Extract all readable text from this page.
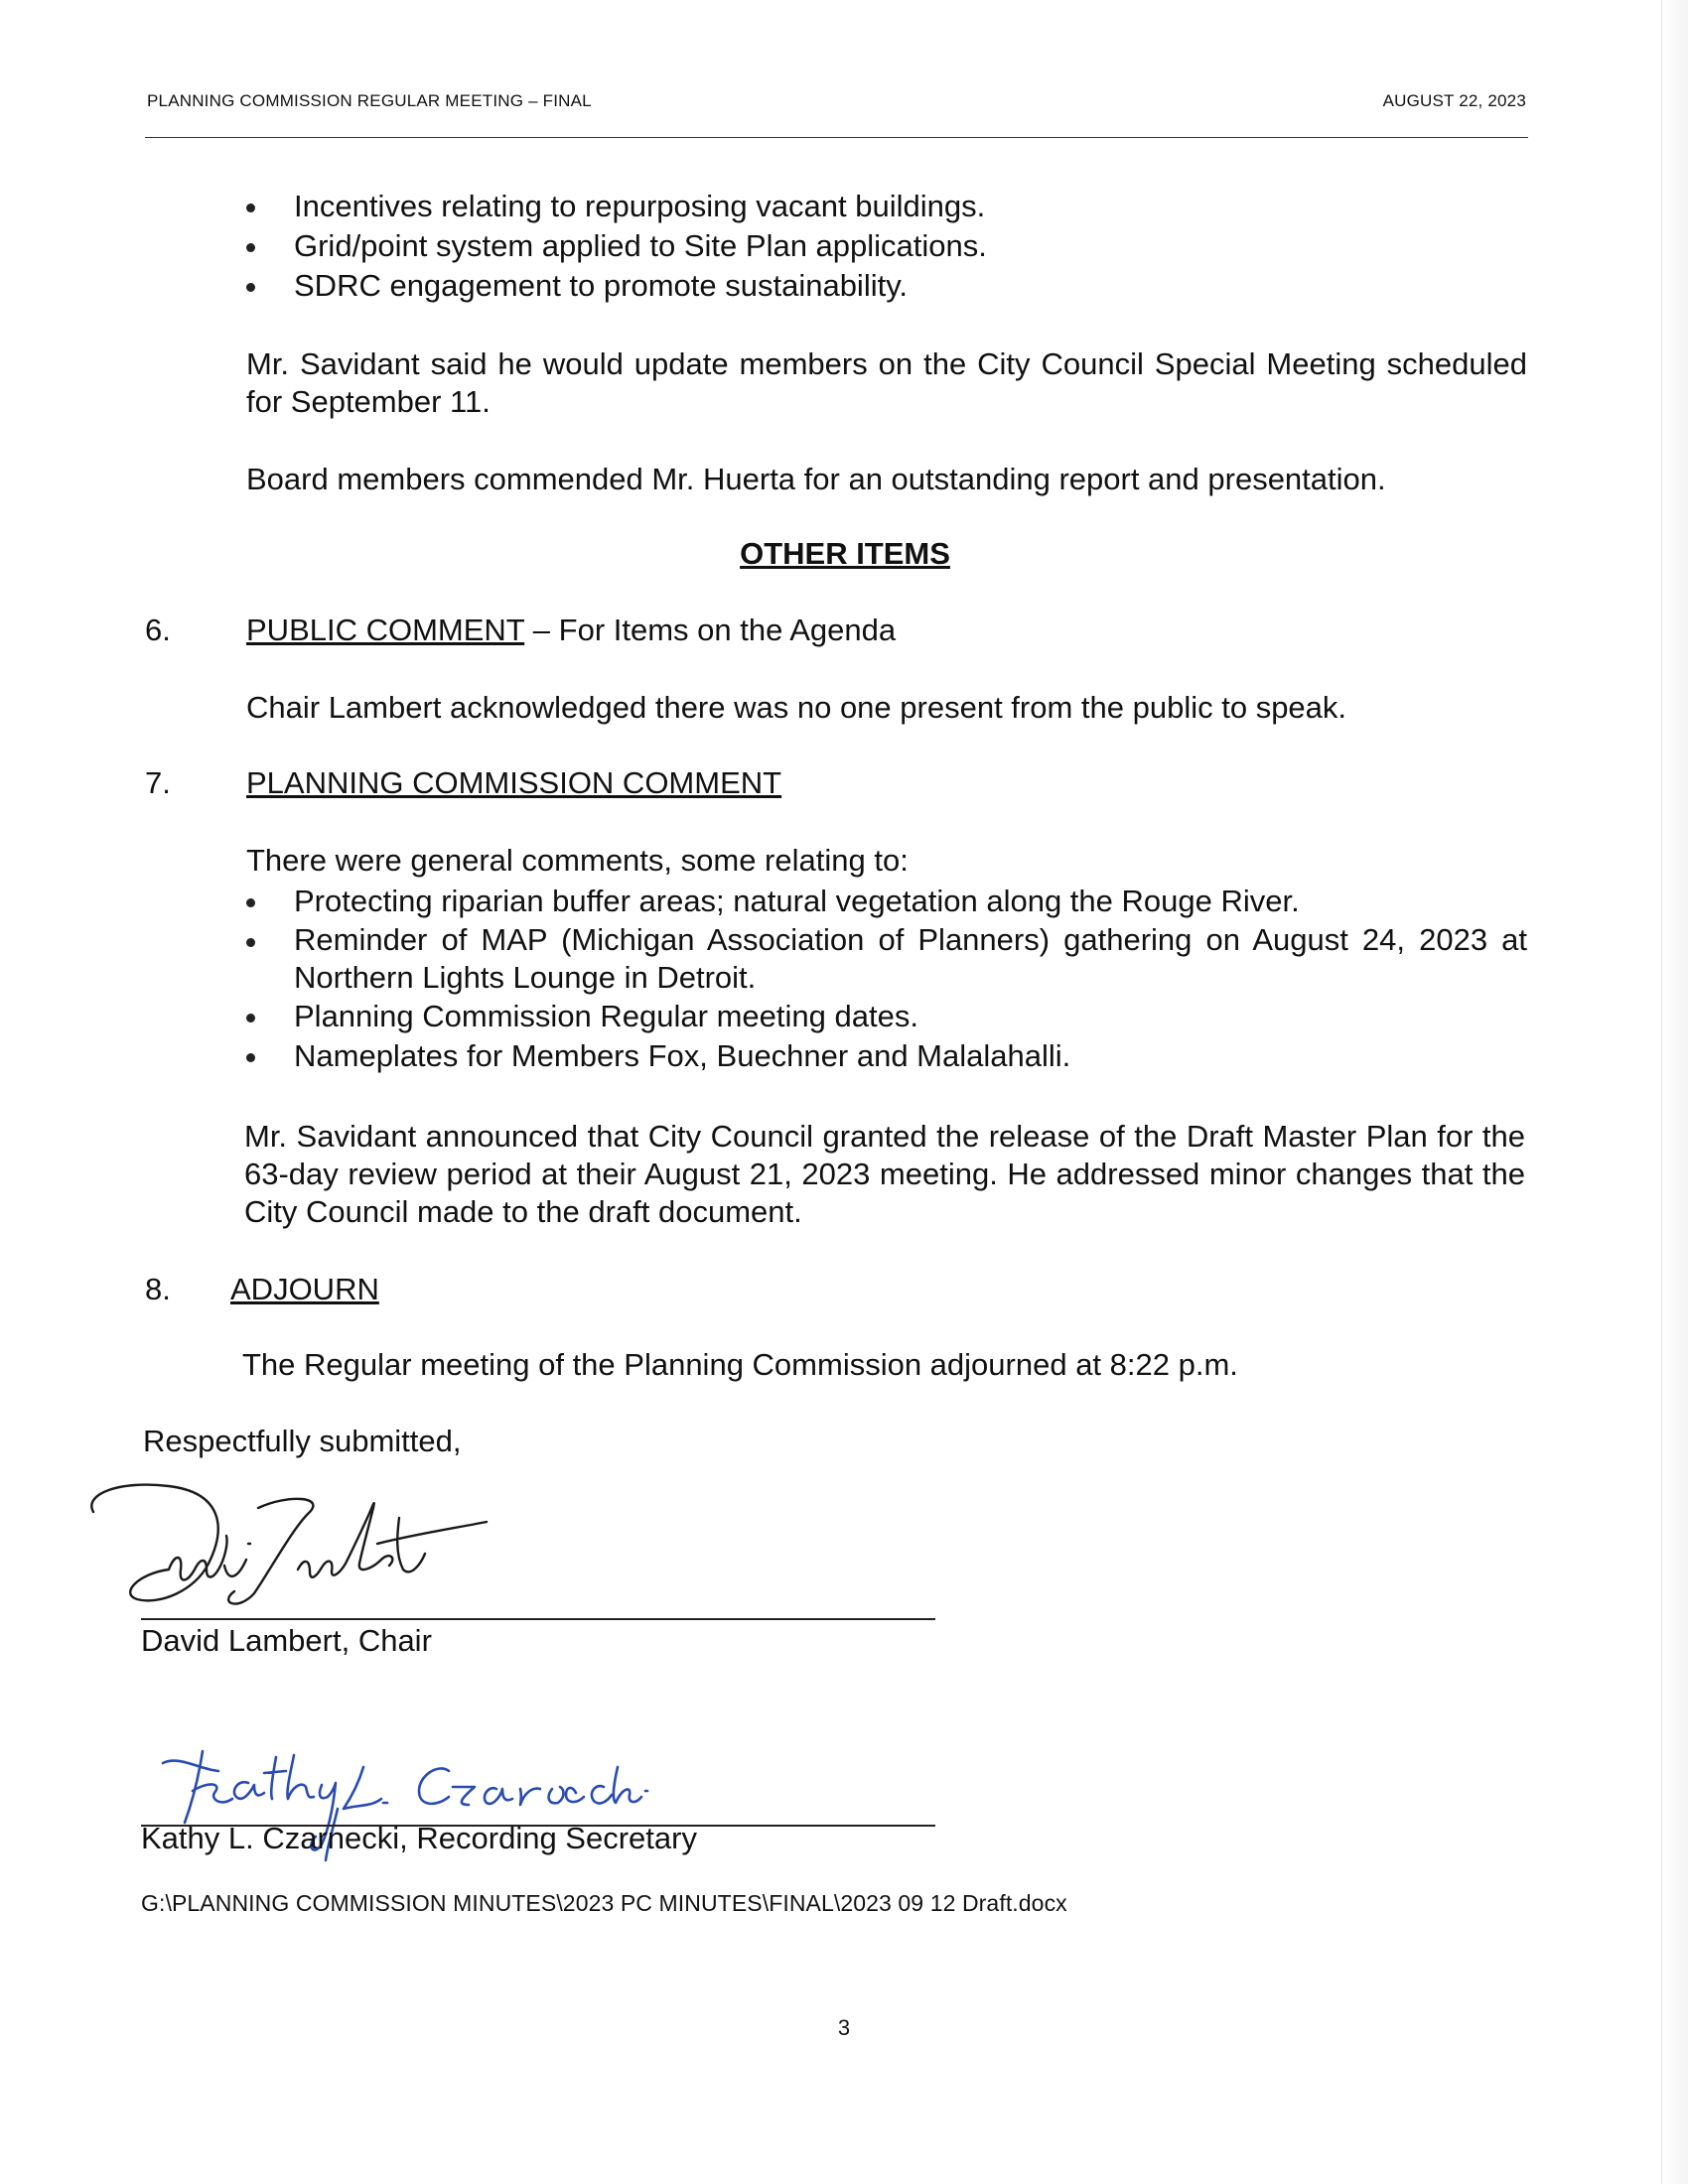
PLANNING COMMISSION REGULAR MEETING – FINAL	AUGUST 22, 2023
Incentives relating to repurposing vacant buildings.
Grid/point system applied to Site Plan applications.
SDRC engagement to promote sustainability.
Mr. Savidant said he would update members on the City Council Special Meeting scheduled for September 11.
Board members commended Mr. Huerta for an outstanding report and presentation.
OTHER ITEMS
6. PUBLIC COMMENT – For Items on the Agenda
Chair Lambert acknowledged there was no one present from the public to speak.
7. PLANNING COMMISSION COMMENT
There were general comments, some relating to:
Protecting riparian buffer areas; natural vegetation along the Rouge River.
Reminder of MAP (Michigan Association of Planners) gathering on August 24, 2023 at Northern Lights Lounge in Detroit.
Planning Commission Regular meeting dates.
Nameplates for Members Fox, Buechner and Malalahalli.
Mr. Savidant announced that City Council granted the release of the Draft Master Plan for the 63-day review period at their August 21, 2023 meeting. He addressed minor changes that the City Council made to the draft document.
8. ADJOURN
The Regular meeting of the Planning Commission adjourned at 8:22 p.m.
Respectfully submitted,
David Lambert, Chair
Kathy L. Czarnecki, Recording Secretary
G:\PLANNING COMMISSION MINUTES\2023 PC MINUTES\FINAL\2023 09 12 Draft.docx
3
